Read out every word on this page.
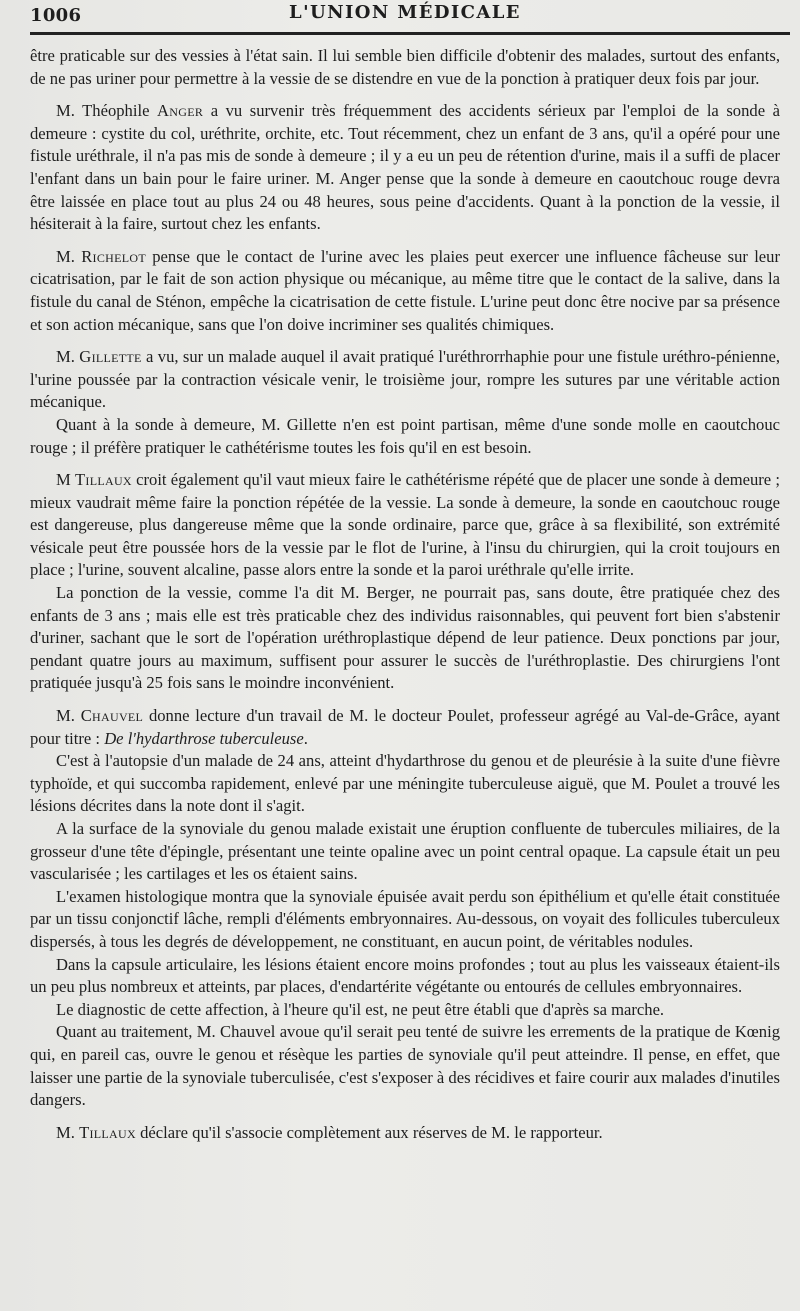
1006	L'UNION MÉDICALE

être praticable sur des vessies à l'état sain. Il lui semble bien difficile d'obtenir des malades, surtout des enfants, de ne pas uriner pour permettre à la vessie de se distendre en vue de la ponction à pratiquer deux fois par jour.

M. Théophile Anger a vu survenir très fréquemment des accidents sérieux par l'emploi de la sonde à demeure : cystite du col, uréthrite, orchite, etc. Tout récemment, chez un enfant de 3 ans, qu'il a opéré pour une fistule uréthrale, il n'a pas mis de sonde à demeure ; il y a eu un peu de rétention d'urine, mais il a suffi de placer l'enfant dans un bain pour le faire uriner. M. Anger pense que la sonde à demeure en caoutchouc rouge devra être laissée en place tout au plus 24 ou 48 heures, sous peine d'accidents. Quant à la ponction de la vessie, il hésiterait à la faire, surtout chez les enfants.

M. Richelot pense que le contact de l'urine avec les plaies peut exercer une influence fâcheuse sur leur cicatrisation, par le fait de son action physique ou mécanique, au même titre que le contact de la salive, dans la fistule du canal de Sténon, empêche la cicatrisation de cette fistule. L'urine peut donc être nocive par sa présence et son action mécanique, sans que l'on doive incriminer ses qualités chimiques.

M. Gillette a vu, sur un malade auquel il avait pratiqué l'uréthrorrhaphie pour une fistule uréthro-pénienne, l'urine poussée par la contraction vésicale venir, le troisième jour, rompre les sutures par une véritable action mécanique.

Quant à la sonde à demeure, M. Gillette n'en est point partisan, même d'une sonde molle en caoutchouc rouge ; il préfère pratiquer le cathétérisme toutes les fois qu'il en est besoin.

M Tillaux croit également qu'il vaut mieux faire le cathétérisme répété que de placer une sonde à demeure ; mieux vaudrait même faire la ponction répétée de la vessie. La sonde à demeure, la sonde en caoutchouc rouge est dangereuse, plus dangereuse même que la sonde ordinaire, parce que, grâce à sa flexibilité, son extrémité vésicale peut être poussée hors de la vessie par le flot de l'urine, à l'insu du chirurgien, qui la croit toujours en place ; l'urine, souvent alcaline, passe alors entre la sonde et la paroi uréthrale qu'elle irrite.

La ponction de la vessie, comme l'a dit M. Berger, ne pourrait pas, sans doute, être pratiquée chez des enfants de 3 ans ; mais elle est très praticable chez des individus raisonnables, qui peuvent fort bien s'abstenir d'uriner, sachant que le sort de l'opération uréthroplastique dépend de leur patience. Deux ponctions par jour, pendant quatre jours au maximum, suffisent pour assurer le succès de l'uréthroplastie. Des chirurgiens l'ont pratiquée jusqu'à 25 fois sans le moindre inconvénient.

M. Chauvel donne lecture d'un travail de M. le docteur Poulet, professeur agrégé au Val-de-Grâce, ayant pour titre : De l'hydarthrose tuberculeuse.

C'est à l'autopsie d'un malade de 24 ans, atteint d'hydarthrose du genou et de pleurésie à la suite d'une fièvre typhoïde, et qui succomba rapidement, enlevé par une méningite tuberculeuse aiguë, que M. Poulet a trouvé les lésions décrites dans la note dont il s'agit.

A la surface de la synoviale du genou malade existait une éruption confluente de tubercules miliaires, de la grosseur d'une tête d'épingle, présentant une teinte opaline avec un point central opaque. La capsule était un peu vascularisée ; les cartilages et les os étaient sains.

L'examen histologique montra que la synoviale épuisée avait perdu son épithélium et qu'elle était constituée par un tissu conjonctif lâche, rempli d'éléments embryonnaires. Au-dessous, on voyait des follicules tuberculeux dispersés, à tous les degrés de développement, ne constituant, en aucun point, de véritables nodules.

Dans la capsule articulaire, les lésions étaient encore moins profondes ; tout au plus les vaisseaux étaient-ils un peu plus nombreux et atteints, par places, d'endartérite végétante ou entourés de cellules embryonnaires.

Le diagnostic de cette affection, à l'heure qu'il est, ne peut être établi que d'après sa marche.

Quant au traitement, M. Chauvel avoue qu'il serait peu tenté de suivre les errements de la pratique de Kœnig qui, en pareil cas, ouvre le genou et résèque les parties de synoviale qu'il peut atteindre. Il pense, en effet, que laisser une partie de la synoviale tuberculisée, c'est s'exposer à des récidives et faire courir aux malades d'inutiles dangers.

M. Tillaux déclare qu'il s'associe complètement aux réserves de M. le rapporteur.
